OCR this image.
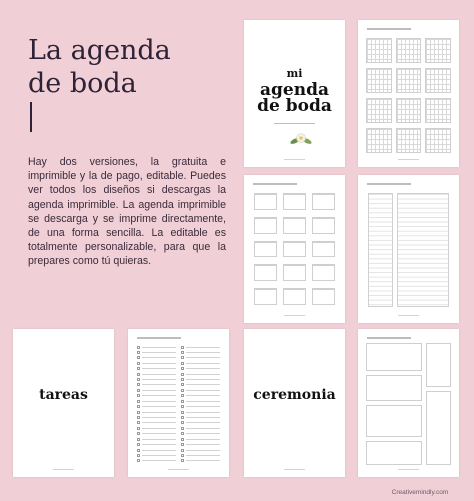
La agenda
de boda

Hay dos versiones, la gratuita e imprimible y la de pago, editable. Puedes ver todos los diseños si descargas la agenda imprimible. La agenda imprimible se descarga y se imprime directamente, de una forma sencilla. La editable es totalmente personalizable, para que la prepares como tú quieras.

mi
agenda
de boda
tareas	ceremonia
Creativemindly.com
